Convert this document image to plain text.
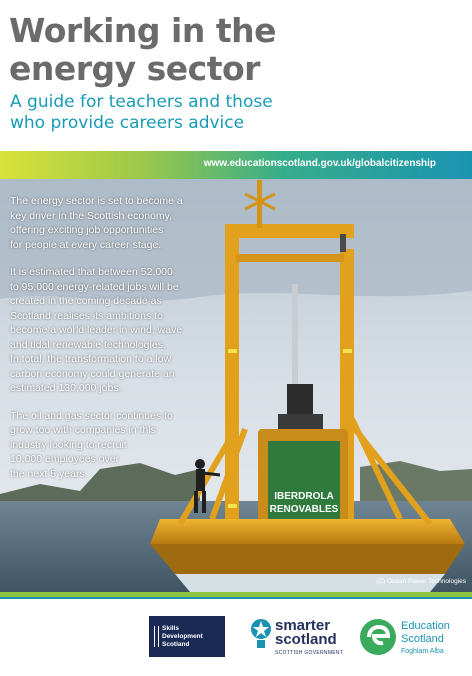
Working in the
energy sector
A guide for teachers and those
who provide careers advice
www.educationscotland.gov.uk/globalcitizenship
IBERDROLA
RENOVABLES

The energy sector is set to become a
key driver in the Scottish economy,
offering exciting job opportunities
for people at every career stage.

It is estimated that between 52,000
to 95,000 energy-related jobs will be
created in the coming decade as
Scotland realises its ambitions to
become a world leader in wind, wave
and tidal renewable technologies.
In total, the transformation to a low
carbon economy could generate an
estimated 130,000 jobs.

The oil and gas sector continues to
grow too with companies in this
industry looking to recruit
10,000 employees over
the next 5 years.

(C) Ocean Power Technologies
Skills
Development
Scotland
smarter
scotland
SCOTTISH GOVERNMENT
Education
Scotland
Foghlam Alba
